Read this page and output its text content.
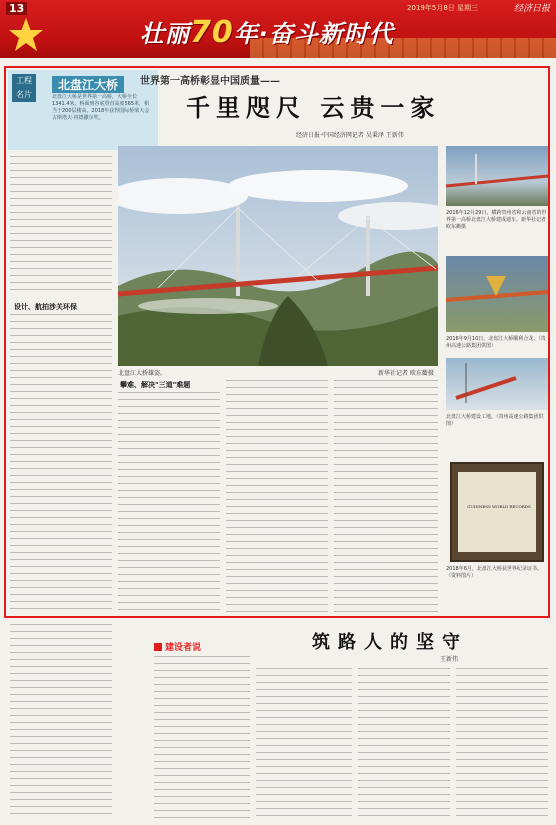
13
壮丽70年·奋斗新时代
2019年5月8日 星期三	经济日报
工程 名片
北盘江大桥
北盘江大桥是世界第一高桥，大桥全长1341.4米，桥面到谷底垂直高度565米，相当于200层楼高。2018年获得国际桥梁大会古斯塔夫·林德撒尔奖。
世界第一高桥彰显中国质量——
千里咫尺 云贵一家
经济日报·中国经济网记者 吴秉泽 王新伟
北盘江大桥雄姿。	新华社记者 欧东衢摄
2016年12月29日，横跨贵州省和云南省的世界第一高桥北盘江大桥建成通车。新华社记者 欧东衢摄
2016年9月10日，北盘江大桥顺利合龙。（贵州高速公路集团供图）
北盘江大桥建设工地。（贵州高速公路集团供图）
GUINNESS WORLD RECORDS
2018年6月，北盘江大桥获世界纪录证书。（资料图片）
设计、航拍涉关环保
攀难、解决"三道"难题
建设者说	筑路人的坚守
王新伟
